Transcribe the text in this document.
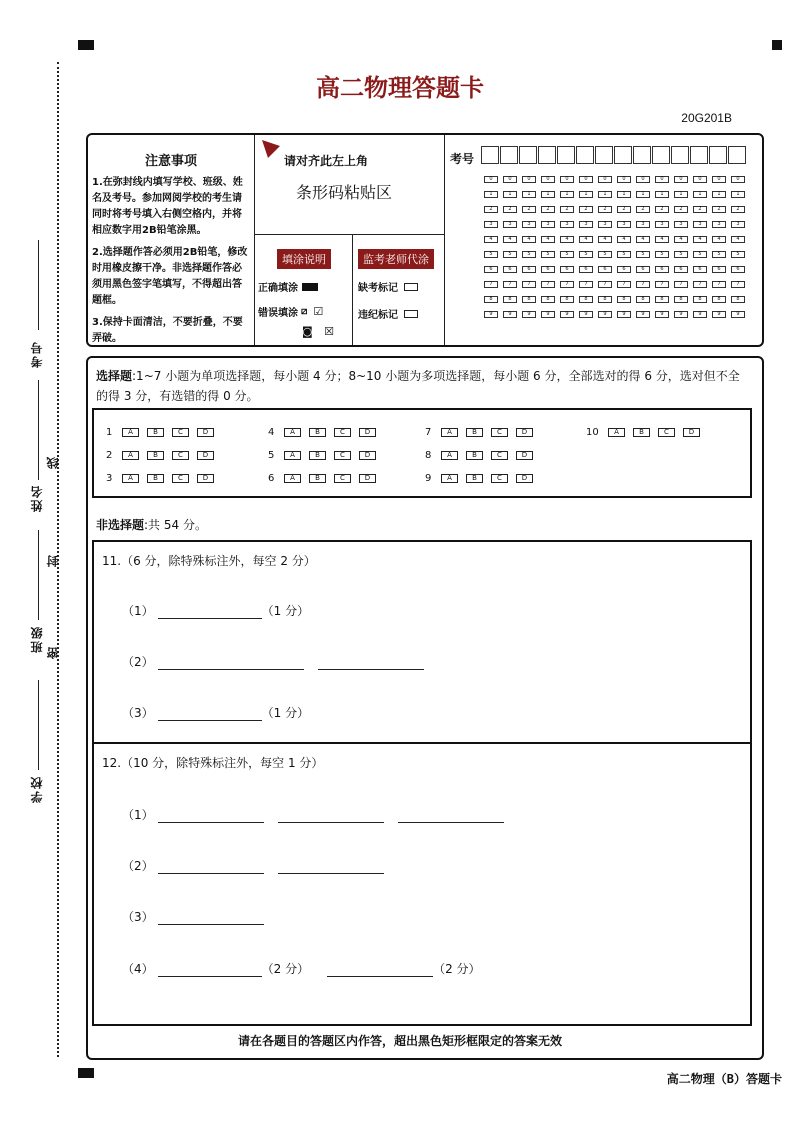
考号
姓名
班级
学校
线
封
密
高二物理答题卡
20G201B
注意事项
1.在弥封线内填写学校、班级、姓名及考号。参加网阅学校的考生请同时将考号填入右侧空格内，并将相应数字用2B铅笔涂黑。
2.选择题作答必须用2B铅笔，修改时用橡皮擦干净。非选择题作答必须用黑色签字笔填写，不得超出答题框。
3.保持卡面清洁，不要折叠，不要弄破。
请对齐此左上角
条形码粘贴区
填涂说明
正确填涂
错误填涂 ⧄ ☑
◙ ☒
监考老师代涂
缺考标记
违纪标记
考号
0	0	0	0	0	0	0	0	0	0	0	0	0	0
1	1	1	1	1	1	1	1	1	1	1	1	1	1
2	2	2	2	2	2	2	2	2	2	2	2	2	2
3	3	3	3	3	3	3	3	3	3	3	3	3	3
4	4	4	4	4	4	4	4	4	4	4	4	4	4
5	5	5	5	5	5	5	5	5	5	5	5	5	5
6	6	6	6	6	6	6	6	6	6	6	6	6	6
7	7	7	7	7	7	7	7	7	7	7	7	7	7
8	8	8	8	8	8	8	8	8	8	8	8	8	8
9	9	9	9	9	9	9	9	9	9	9	9	9	9
选择题:1~7 小题为单项选择题，每小题 4 分；8~10 小题为多项选择题，每小题 6 分，全部选对的得 6 分，选对但不全的得 3 分，有选错的得 0 分。
1	A	B	C	D
2	A	B	C	D
3	A	B	C	D
4	A	B	C	D
5	A	B	C	D
6	A	B	C	D
7	A	B	C	D
8	A	B	C	D
9	A	B	C	D
10	A	B	C	D
非选择题:共 54 分。
11.（6 分，除特殊标注外，每空 2 分）
（1）	（1 分）
（2）
（3）	（1 分）
12.（10 分，除特殊标注外，每空 1 分）
（1）
（2）
（3）
（4）	（2 分）	（2 分）
请在各题目的答题区内作答，超出黑色矩形框限定的答案无效
高二物理（B）答题卡
